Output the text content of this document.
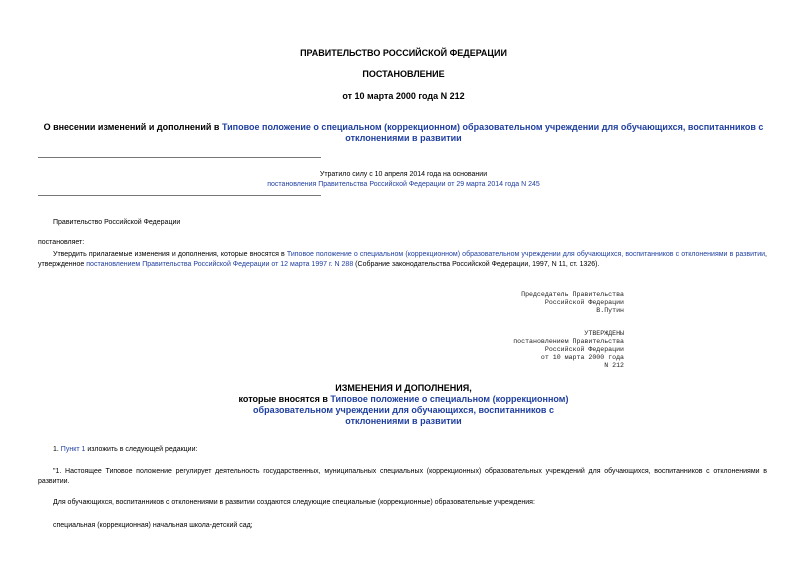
ПРАВИТЕЛЬСТВО РОССИЙСКОЙ ФЕДЕРАЦИИ
ПОСТАНОВЛЕНИЕ
от 10 марта 2000 года N 212
О внесении изменений и дополнений в Типовое положение о специальном (коррекционном) образовательном учреждении для обучающихся, воспитанников с отклонениями в развитии
Утратило силу с 10 апреля 2014 года на основании
постановления Правительства Российской Федерации от 29 марта 2014 года N 245
Правительство Российской Федерации
постановляет:
Утвердить прилагаемые изменения и дополнения, которые вносятся в Типовое положение о специальном (коррекционном) образовательном учреждении для обучающихся, воспитанников с отклонениями в развитии, утвержденное постановлением Правительства Российской Федерации от 12 марта 1997 г. N 288 (Собрание законодательства Российской Федерации, 1997, N 11, ст. 1326).

Председатель Правительства

Российской Федерации

В.Путин

УТВЕРЖДЕНЫ

постановлением Правительства

Российской Федерации

от 10 марта 2000 года

N 212

ИЗМЕНЕНИЯ И ДОПОЛНЕНИЯ,

которые вносятся в Типовое положение о специальном (коррекционном)

образовательном учреждении для обучающихся, воспитанников с

отклонениями в развитии

1. Пункт 1 изложить в следующей редакции:
"1. Настоящее Типовое положение регулирует деятельность государственных, муниципальных специальных (коррекционных) образовательных учреждений для обучающихся, воспитанников с отклонениями в развитии.
Для обучающихся, воспитанников с отклонениями в развитии создаются следующие специальные (коррекционные) образовательные учреждения:
специальная (коррекционная) начальная школа-детский сад;
